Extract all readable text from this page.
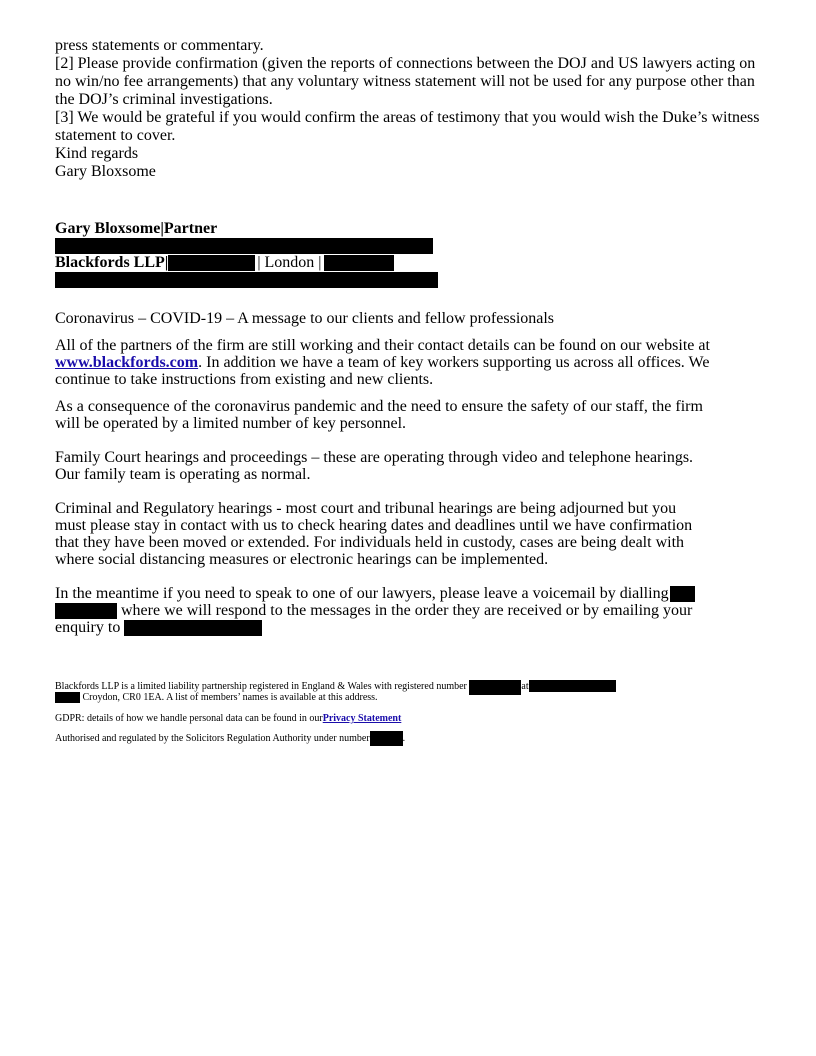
press statements or commentary.
[2] Please provide confirmation (given the reports of connections between the DOJ and US lawyers acting on
no win/no fee arrangements) that any voluntary witness statement will not be used for any purpose other than
the DOJ’s criminal investigations.
[3] We would be grateful if you would confirm the areas of testimony that you would wish the Duke’s witness
statement to cover.
Kind regards
Gary Bloxsome
Gary Bloxsome|Partner
Blackfords LLP|	| London |
Coronavirus – COVID-19 – A message to our clients and fellow professionals
All of the partners of the firm are still working and their contact details can be found on our website at
www.blackfords.com. In addition we have a team of key workers supporting us across all offices. We
continue to take instructions from existing and new clients.
As a consequence of the coronavirus pandemic and the need to ensure the safety of our staff, the firm
will be operated by a limited number of key personnel.
Family Court hearings and proceedings – these are operating through video and telephone hearings.
Our family team is operating as normal.
Criminal and Regulatory hearings - most court and tribunal hearings are being adjourned but you
must please stay in contact with us to check hearing dates and deadlines until we have confirmation
that they have been moved or extended. For individuals held in custody, cases are being dealt with
where social distancing measures or electronic hearings can be implemented.
In the meantime if you need to speak to one of our lawyers, please leave a voicemail by dialling
where we will respond to the messages in the order they are received or by emailing your
enquiry to
Blackfords LLP is a limited liability partnership registered in England & Wales with registered number	at
Croydon, CR0 1EA. A list of members’ names is available at this address.
GDPR: details of how we handle personal data can be found in ourPrivacy Statement
Authorised and regulated by the Solicitors Regulation Authority under number	.
